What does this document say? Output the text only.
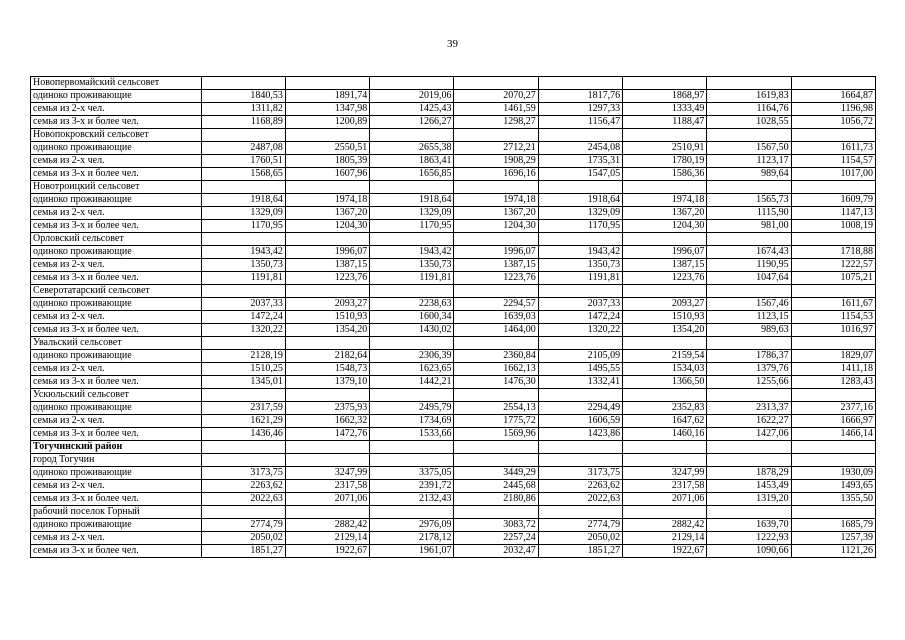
39
Новопервомайский сельсовет								
одиноко проживающие	1840,53	1891,74	2019,06	2070,27	1817,76	1868,97	1619,83	1664,87
семья из 2-х чел.	1311,82	1347,98	1425,43	1461,59	1297,33	1333,49	1164,76	1196,98
семья из 3-х и более чел.	1168,89	1200,89	1266,27	1298,27	1156,47	1188,47	1028,55	1056,72
Новопокровский сельсовет								
одиноко проживающие	2487,08	2550,51	2655,38	2712,21	2454,08	2510,91	1567,50	1611,73
семья из 2-х чел.	1760,51	1805,39	1863,41	1908,29	1735,31	1780,19	1123,17	1154,57
семья из 3-х и более чел.	1568,65	1607,96	1656,85	1696,16	1547,05	1586,36	989,64	1017,00
Новотроицкий сельсовет								
одиноко проживающие	1918,64	1974,18	1918,64	1974,18	1918,64	1974,18	1565,73	1609,79
семья из 2-х чел.	1329,09	1367,20	1329,09	1367,20	1329,09	1367,20	1115,90	1147,13
семья из 3-х и более чел.	1170,95	1204,30	1170,95	1204,30	1170,95	1204,30	981,00	1008,19
Орловский сельсовет								
одиноко проживающие	1943,42	1996,07	1943,42	1996,07	1943,42	1996,07	1674,43	1718,88
семья из 2-х чел.	1350,73	1387,15	1350,73	1387,15	1350,73	1387,15	1190,95	1222,57
семья из 3-х и более чел.	1191,81	1223,76	1191,81	1223,76	1191,81	1223,76	1047,64	1075,21
Северотатарский сельсовет								
одиноко проживающие	2037,33	2093,27	2238,63	2294,57	2037,33	2093,27	1567,46	1611,67
семья из 2-х чел.	1472,24	1510,93	1600,34	1639,03	1472,24	1510,93	1123,15	1154,53
семья из 3-х и более чел.	1320,22	1354,20	1430,02	1464,00	1320,22	1354,20	989,63	1016,97
Увальский сельсовет								
одиноко проживающие	2128,19	2182,64	2306,39	2360,84	2105,09	2159,54	1786,37	1829,07
семья из 2-х чел.	1510,25	1548,73	1623,65	1662,13	1495,55	1534,03	1379,76	1411,18
семья из 3-х и более чел.	1345,01	1379,10	1442,21	1476,30	1332,41	1366,50	1255,66	1283,43
Ускюльский сельсовет								
одиноко проживающие	2317,59	2375,93	2495,79	2554,13	2294,49	2352,83	2313,37	2377,16
семья из 2-х чел.	1621,29	1662,32	1734,69	1775,72	1606,59	1647,62	1622,27	1666,97
семья из 3-х и более чел.	1436,46	1472,76	1533,66	1569,96	1423,86	1460,16	1427,06	1466,14
Тогучинский район								
город Тогучин								
одиноко проживающие	3173,75	3247,99	3375,05	3449,29	3173,75	3247,99	1878,29	1930,09
семья из 2-х чел.	2263,62	2317,58	2391,72	2445,68	2263,62	2317,58	1453,49	1493,65
семья из 3-х и более чел.	2022,63	2071,06	2132,43	2180,86	2022,63	2071,06	1319,20	1355,50
рабочий поселок Горный								
одиноко проживающие	2774,79	2882,42	2976,09	3083,72	2774,79	2882,42	1639,70	1685,79
семья из 2-х чел.	2050,02	2129,14	2178,12	2257,24	2050,02	2129,14	1222,93	1257,39
семья из 3-х и более чел.	1851,27	1922,67	1961,07	2032,47	1851,27	1922,67	1090,66	1121,26
